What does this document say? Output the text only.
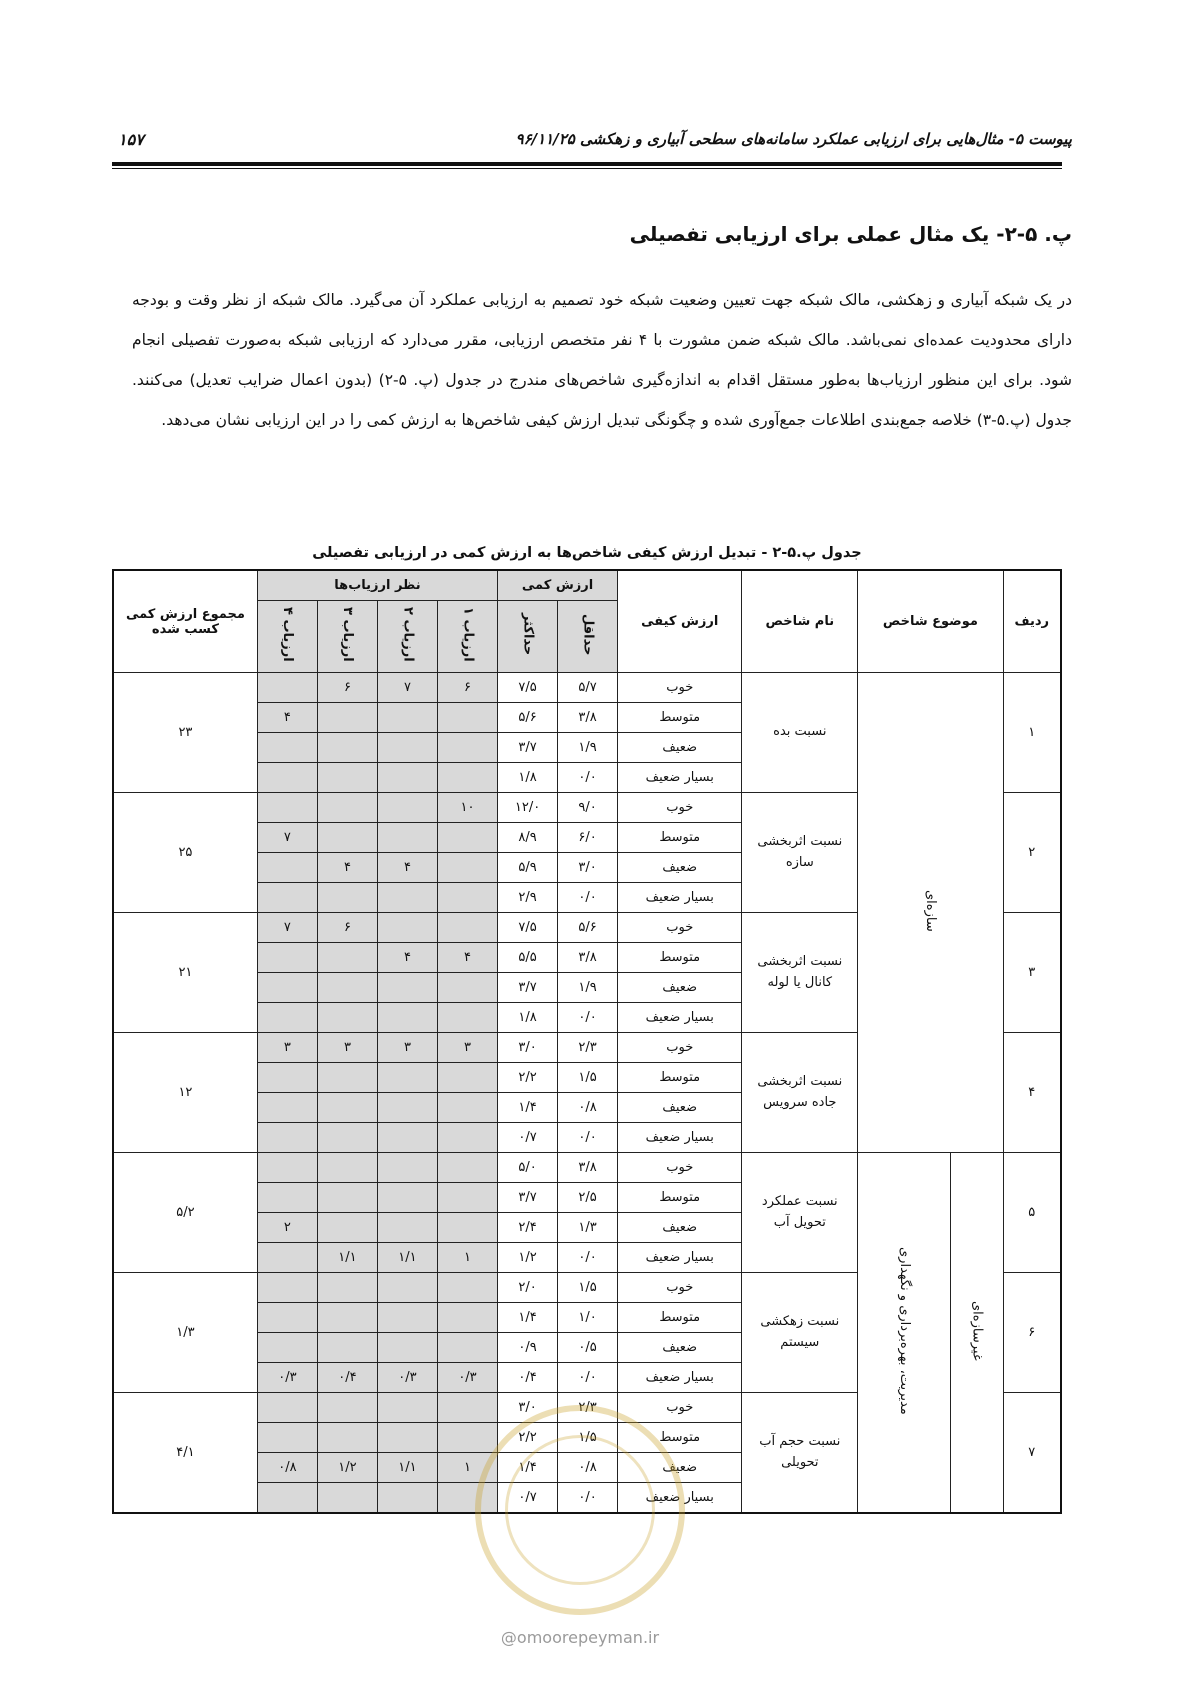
پیوست ۵- مثال‌هایی برای ارزیابی عملکرد سامانه‌های سطحی آبیاری و زهکشی ۹۶/۱۱/۲۵
۱۵۷
پ. ۵-۲- یک مثال عملی برای ارزیابی تفصیلی
در یک شبکه آبیاری و زهکشی، مالک شبکه جهت تعیین وضعیت شبکه خود تصمیم به ارزیابی عملکرد آن می‌گیرد. مالک شبکه از نظر وقت و بودجه دارای محدودیت عمده‌ای نمی‌باشد. مالک شبکه ضمن مشورت با ۴ نفر متخصص ارزیابی، مقرر می‌دارد که ارزیابی شبکه به‌صورت تفصیلی انجام شود. برای این منظور ارزیاب‌ها به‌طور مستقل اقدام به اندازه‌گیری شاخص‌های مندرج در جدول (پ. ۵-۲) (بدون اعمال ضرایب تعدیل) می‌کنند. جدول (پ.۵-۳) خلاصه جمع‌بندی اطلاعات جمع‌آوری شده و چگونگی تبدیل ارزش کیفی شاخص‌ها به ارزش کمی را در این ارزیابی نشان می‌دهد.
جدول پ.۵-۲ - تبدیل ارزش کیفی شاخص‌ها به ارزش کمی در ارزیابی تفصیلی
ردیف	موضوع شاخص		نام شاخص	ارزش کیفی	ارزش کمی		نظر ارزیاب‌ها				مجموع ارزش کمی کسب شده
					حداقل	حداکثر	ارزیاب ۱	ارزیاب ۲	ارزیاب ۳	ارزیاب ۴	
۱	سازه‌ای		نسبت بده	خوب	۵/۷	۷/۵	۶	۷	۶		۲۳
				متوسط	۳/۸	۵/۶				۴	
				ضعیف	۱/۹	۳/۷					
				بسیار ضعیف	۰/۰	۱/۸					
۲			نسبت اثربخشی سازه	خوب	۹/۰	۱۲/۰	۱۰				۲۵
				متوسط	۶/۰	۸/۹				۷	
				ضعیف	۳/۰	۵/۹		۴	۴		
				بسیار ضعیف	۰/۰	۲/۹					
۳			نسبت اثربخشی کانال یا لوله	خوب	۵/۶	۷/۵			۶	۷	۲۱
				متوسط	۳/۸	۵/۵	۴	۴			
				ضعیف	۱/۹	۳/۷					
				بسیار ضعیف	۰/۰	۱/۸					
۴			نسبت اثربخشی جاده سرویس	خوب	۲/۳	۳/۰	۳	۳	۳	۳	۱۲
				متوسط	۱/۵	۲/۲					
				ضعیف	۰/۸	۱/۴					
				بسیار ضعیف	۰/۰	۰/۷					
۵	غیرسازه‌ای	مدیریت، بهره‌برداری و نگهداری	نسبت عملکرد تحویل آب	خوب	۳/۸	۵/۰					۵/۲
				متوسط	۲/۵	۳/۷					
				ضعیف	۱/۳	۲/۴				۲	
				بسیار ضعیف	۰/۰	۱/۲	۱	۱/۱	۱/۱		
۶			نسبت زهکشی سیستم	خوب	۱/۵	۲/۰					۱/۳
				متوسط	۱/۰	۱/۴					
				ضعیف	۰/۵	۰/۹					
				بسیار ضعیف	۰/۰	۰/۴	۰/۳	۰/۳	۰/۴	۰/۳	
۷			نسبت حجم آب تحویلی	خوب	۲/۳	۳/۰					۴/۱
				متوسط	۱/۵	۲/۲					
				ضعیف	۰/۸	۱/۴	۱	۱/۱	۱/۲	۰/۸	
				بسیار ضعیف	۰/۰	۰/۷					
@omoorepeyman.ir
